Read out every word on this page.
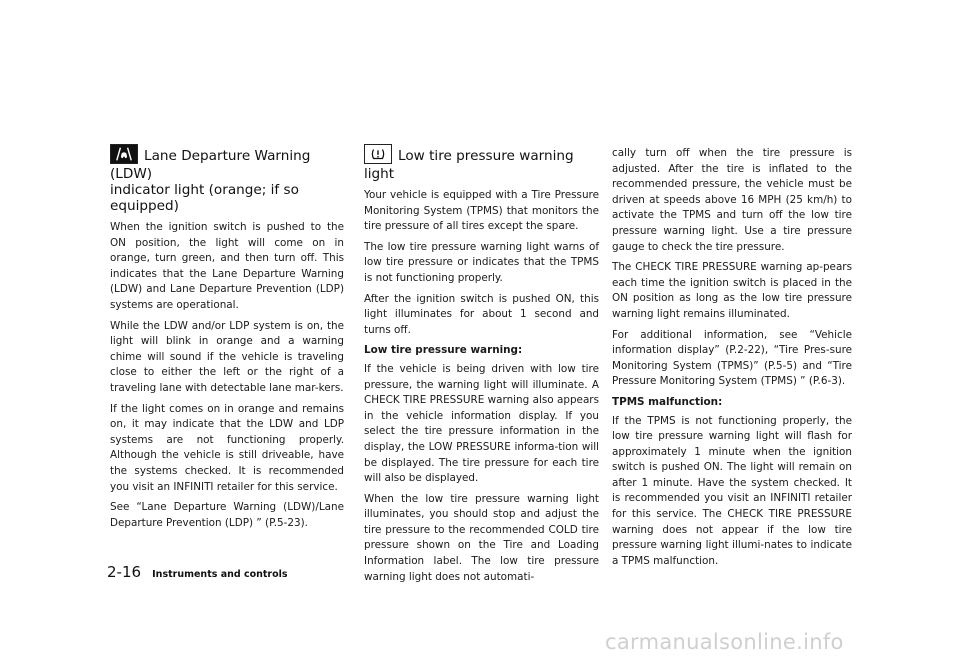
Lane Departure Warning (LDW)
indicator light (orange; if so
equipped)

When the ignition switch is pushed to the ON position, the light will come on in orange, turn green, and then turn off. This indicates that the Lane Departure Warning (LDW) and Lane Departure Prevention (LDP) systems are operational.

While the LDW and/or LDP system is on, the light will blink in orange and a warning chime will sound if the vehicle is traveling close to either the left or the right of a traveling lane with detectable lane mar-kers.

If the light comes on in orange and remains on, it may indicate that the LDW and LDP systems are not functioning properly. Although the vehicle is still driveable, have the systems checked. It is recommended you visit an INFINITI retailer for this service.

See “Lane Departure Warning (LDW)/Lane Departure Prevention (LDP) ” (P.5-23).

Low tire pressure warning
light

Your vehicle is equipped with a Tire Pressure Monitoring System (TPMS) that monitors the tire pressure of all tires except the spare.

The low tire pressure warning light warns of low tire pressure or indicates that the TPMS is not functioning properly.

After the ignition switch is pushed ON, this light illuminates for about 1 second and turns off.

Low tire pressure warning:

If the vehicle is being driven with low tire pressure, the warning light will illuminate. A CHECK TIRE PRESSURE warning also appears in the vehicle information display. If you select the tire pressure information in the display, the LOW PRESSURE informa-tion will be displayed. The tire pressure for each tire will also be displayed.

When the low tire pressure warning light illuminates, you should stop and adjust the tire pressure to the recommended COLD tire pressure shown on the Tire and Loading Information label. The low tire pressure warning light does not automati-

cally turn off when the tire pressure is adjusted. After the tire is inflated to the recommended pressure, the vehicle must be driven at speeds above 16 MPH (25 km/h) to activate the TPMS and turn off the low tire pressure warning light. Use a tire pressure gauge to check the tire pressure.

The CHECK TIRE PRESSURE warning ap-pears each time the ignition switch is placed in the ON position as long as the low tire pressure warning light remains illuminated.

For additional information, see “Vehicle information display” (P.2-22), “Tire Pres-sure Monitoring System (TPMS)” (P.5-5) and “Tire Pressure Monitoring System (TPMS) ” (P.6-3).

TPMS malfunction:

If the TPMS is not functioning properly, the low tire pressure warning light will flash for approximately 1 minute when the ignition switch is pushed ON. The light will remain on after 1 minute. Have the system checked. It is recommended you visit an INFINITI retailer for this service. The CHECK TIRE PRESSURE warning does not appear if the low tire pressure warning light illumi-nates to indicate a TPMS malfunction.

2-16 Instruments and controls
carmanualsonline.info
